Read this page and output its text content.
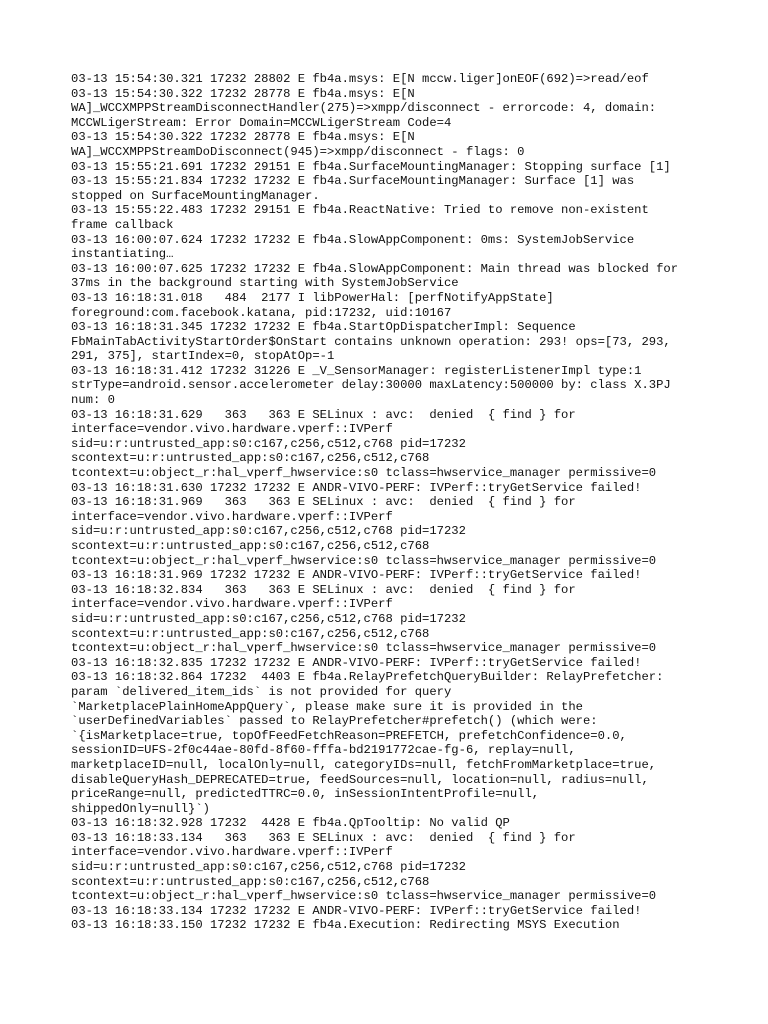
03-13 15:54:30.321 17232 28802 E fb4a.msys: E[N mccw.liger]onEOF(692)=>read/eof
03-13 15:54:30.322 17232 28778 E fb4a.msys: E[N
WA]_WCCXMPPStreamDisconnectHandler(275)=>xmpp/disconnect - errorcode: 4, domain:
MCCWLigerStream: Error Domain=MCCWLigerStream Code=4
03-13 15:54:30.322 17232 28778 E fb4a.msys: E[N
WA]_WCCXMPPStreamDoDisconnect(945)=>xmpp/disconnect - flags: 0
03-13 15:55:21.691 17232 29151 E fb4a.SurfaceMountingManager: Stopping surface [1]
03-13 15:55:21.834 17232 17232 E fb4a.SurfaceMountingManager: Surface [1] was
stopped on SurfaceMountingManager.
03-13 15:55:22.483 17232 29151 E fb4a.ReactNative: Tried to remove non-existent
frame callback
03-13 16:00:07.624 17232 17232 E fb4a.SlowAppComponent: 0ms: SystemJobService
instantiating…
03-13 16:00:07.625 17232 17232 E fb4a.SlowAppComponent: Main thread was blocked for
37ms in the background starting with SystemJobService
03-13 16:18:31.018   484  2177 I libPowerHal: [perfNotifyAppState]
foreground:com.facebook.katana, pid:17232, uid:10167
03-13 16:18:31.345 17232 17232 E fb4a.StartOpDispatcherImpl: Sequence
FbMainTabActivityStartOrder$OnStart contains unknown operation: 293! ops=[73, 293,
291, 375], startIndex=0, stopAtOp=-1
03-13 16:18:31.412 17232 31226 E _V_SensorManager: registerListenerImpl type:1
strType=android.sensor.accelerometer delay:30000 maxLatency:500000 by: class X.3PJ
num: 0
03-13 16:18:31.629   363   363 E SELinux : avc:  denied  { find } for
interface=vendor.vivo.hardware.vperf::IVPerf
sid=u:r:untrusted_app:s0:c167,c256,c512,c768 pid=17232
scontext=u:r:untrusted_app:s0:c167,c256,c512,c768
tcontext=u:object_r:hal_vperf_hwservice:s0 tclass=hwservice_manager permissive=0
03-13 16:18:31.630 17232 17232 E ANDR-VIVO-PERF: IVPerf::tryGetService failed!
03-13 16:18:31.969   363   363 E SELinux : avc:  denied  { find } for
interface=vendor.vivo.hardware.vperf::IVPerf
sid=u:r:untrusted_app:s0:c167,c256,c512,c768 pid=17232
scontext=u:r:untrusted_app:s0:c167,c256,c512,c768
tcontext=u:object_r:hal_vperf_hwservice:s0 tclass=hwservice_manager permissive=0
03-13 16:18:31.969 17232 17232 E ANDR-VIVO-PERF: IVPerf::tryGetService failed!
03-13 16:18:32.834   363   363 E SELinux : avc:  denied  { find } for
interface=vendor.vivo.hardware.vperf::IVPerf
sid=u:r:untrusted_app:s0:c167,c256,c512,c768 pid=17232
scontext=u:r:untrusted_app:s0:c167,c256,c512,c768
tcontext=u:object_r:hal_vperf_hwservice:s0 tclass=hwservice_manager permissive=0
03-13 16:18:32.835 17232 17232 E ANDR-VIVO-PERF: IVPerf::tryGetService failed!
03-13 16:18:32.864 17232  4403 E fb4a.RelayPrefetchQueryBuilder: RelayPrefetcher:
param `delivered_item_ids` is not provided for query
`MarketplacePlainHomeAppQuery`, please make sure it is provided in the
`userDefinedVariables` passed to RelayPrefetcher#prefetch() (which were:
`{isMarketplace=true, topOfFeedFetchReason=PREFETCH, prefetchConfidence=0.0,
sessionID=UFS-2f0c44ae-80fd-8f60-fffa-bd2191772cae-fg-6, replay=null,
marketplaceID=null, localOnly=null, categoryIDs=null, fetchFromMarketplace=true,
disableQueryHash_DEPRECATED=true, feedSources=null, location=null, radius=null,
priceRange=null, predictedTTRC=0.0, inSessionIntentProfile=null,
shippedOnly=null}`)
03-13 16:18:32.928 17232  4428 E fb4a.QpTooltip: No valid QP
03-13 16:18:33.134   363   363 E SELinux : avc:  denied  { find } for
interface=vendor.vivo.hardware.vperf::IVPerf
sid=u:r:untrusted_app:s0:c167,c256,c512,c768 pid=17232
scontext=u:r:untrusted_app:s0:c167,c256,c512,c768
tcontext=u:object_r:hal_vperf_hwservice:s0 tclass=hwservice_manager permissive=0
03-13 16:18:33.134 17232 17232 E ANDR-VIVO-PERF: IVPerf::tryGetService failed!
03-13 16:18:33.150 17232 17232 E fb4a.Execution: Redirecting MSYS Execution
